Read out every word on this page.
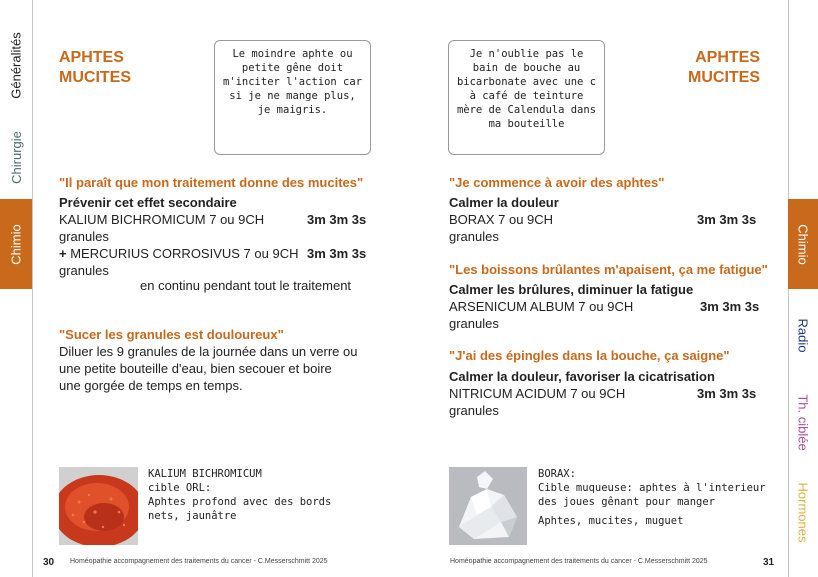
Généralités
Chirurgie
Chimio	Chimio
Radio
Th. ciblée
Hormones
APHTES
MUCITES
Le moindre aphte ou petite gêne doit m'inciter l'action car si je ne mange plus, je maigris.
"Il paraît que mon traitement donne des mucites"
Prévenir cet effet secondaire
KALIUM BICHROMICUM 7 ou 9CH	3m 3m 3s
granules
+ MERCURIUS CORROSIVUS 7 ou 9CH 3m 3m 3s
granules
en continu pendant tout le traitement
"Sucer les granules est douloureux"
Diluer les 9 granules de la journée dans un verre ou
une petite bouteille d'eau, bien secouer et boire
une gorgée de temps en temps.
KALIUM BICHROMICUM
cible ORL:
Aphtes profond avec des bords
nets, jaunâtre
30 Homéopathie accompagnement des traitements du cancer - C.Messerschmitt 2025
Je n'oublie pas le bain de bouche au bicarbonate avec une c à café de teinture mère de Calendula dans ma bouteille
APHTES
MUCITES
"Je commence à avoir des aphtes"
Calmer la douleur
BORAX 7 ou 9CH	3m 3m 3s
granules
"Les boissons brûlantes m'apaisent, ça me fatigue"
Calmer les brûlures, diminuer la fatigue
ARSENICUM ALBUM 7 ou 9CH	3m 3m 3s
granules
"J'ai des épingles dans la bouche, ça saigne"
Calmer la douleur, favoriser la cicatrisation
NITRICUM ACIDUM 7 ou 9CH	3m 3m 3s
granules
BORAX:
Cible muqueuse: aphtes à l'interieur
des joues gênant pour manger
Aphtes, mucites, muguet
Homéopathie accompagnement des traitements du cancer - C.Messerschmitt 2025	31
